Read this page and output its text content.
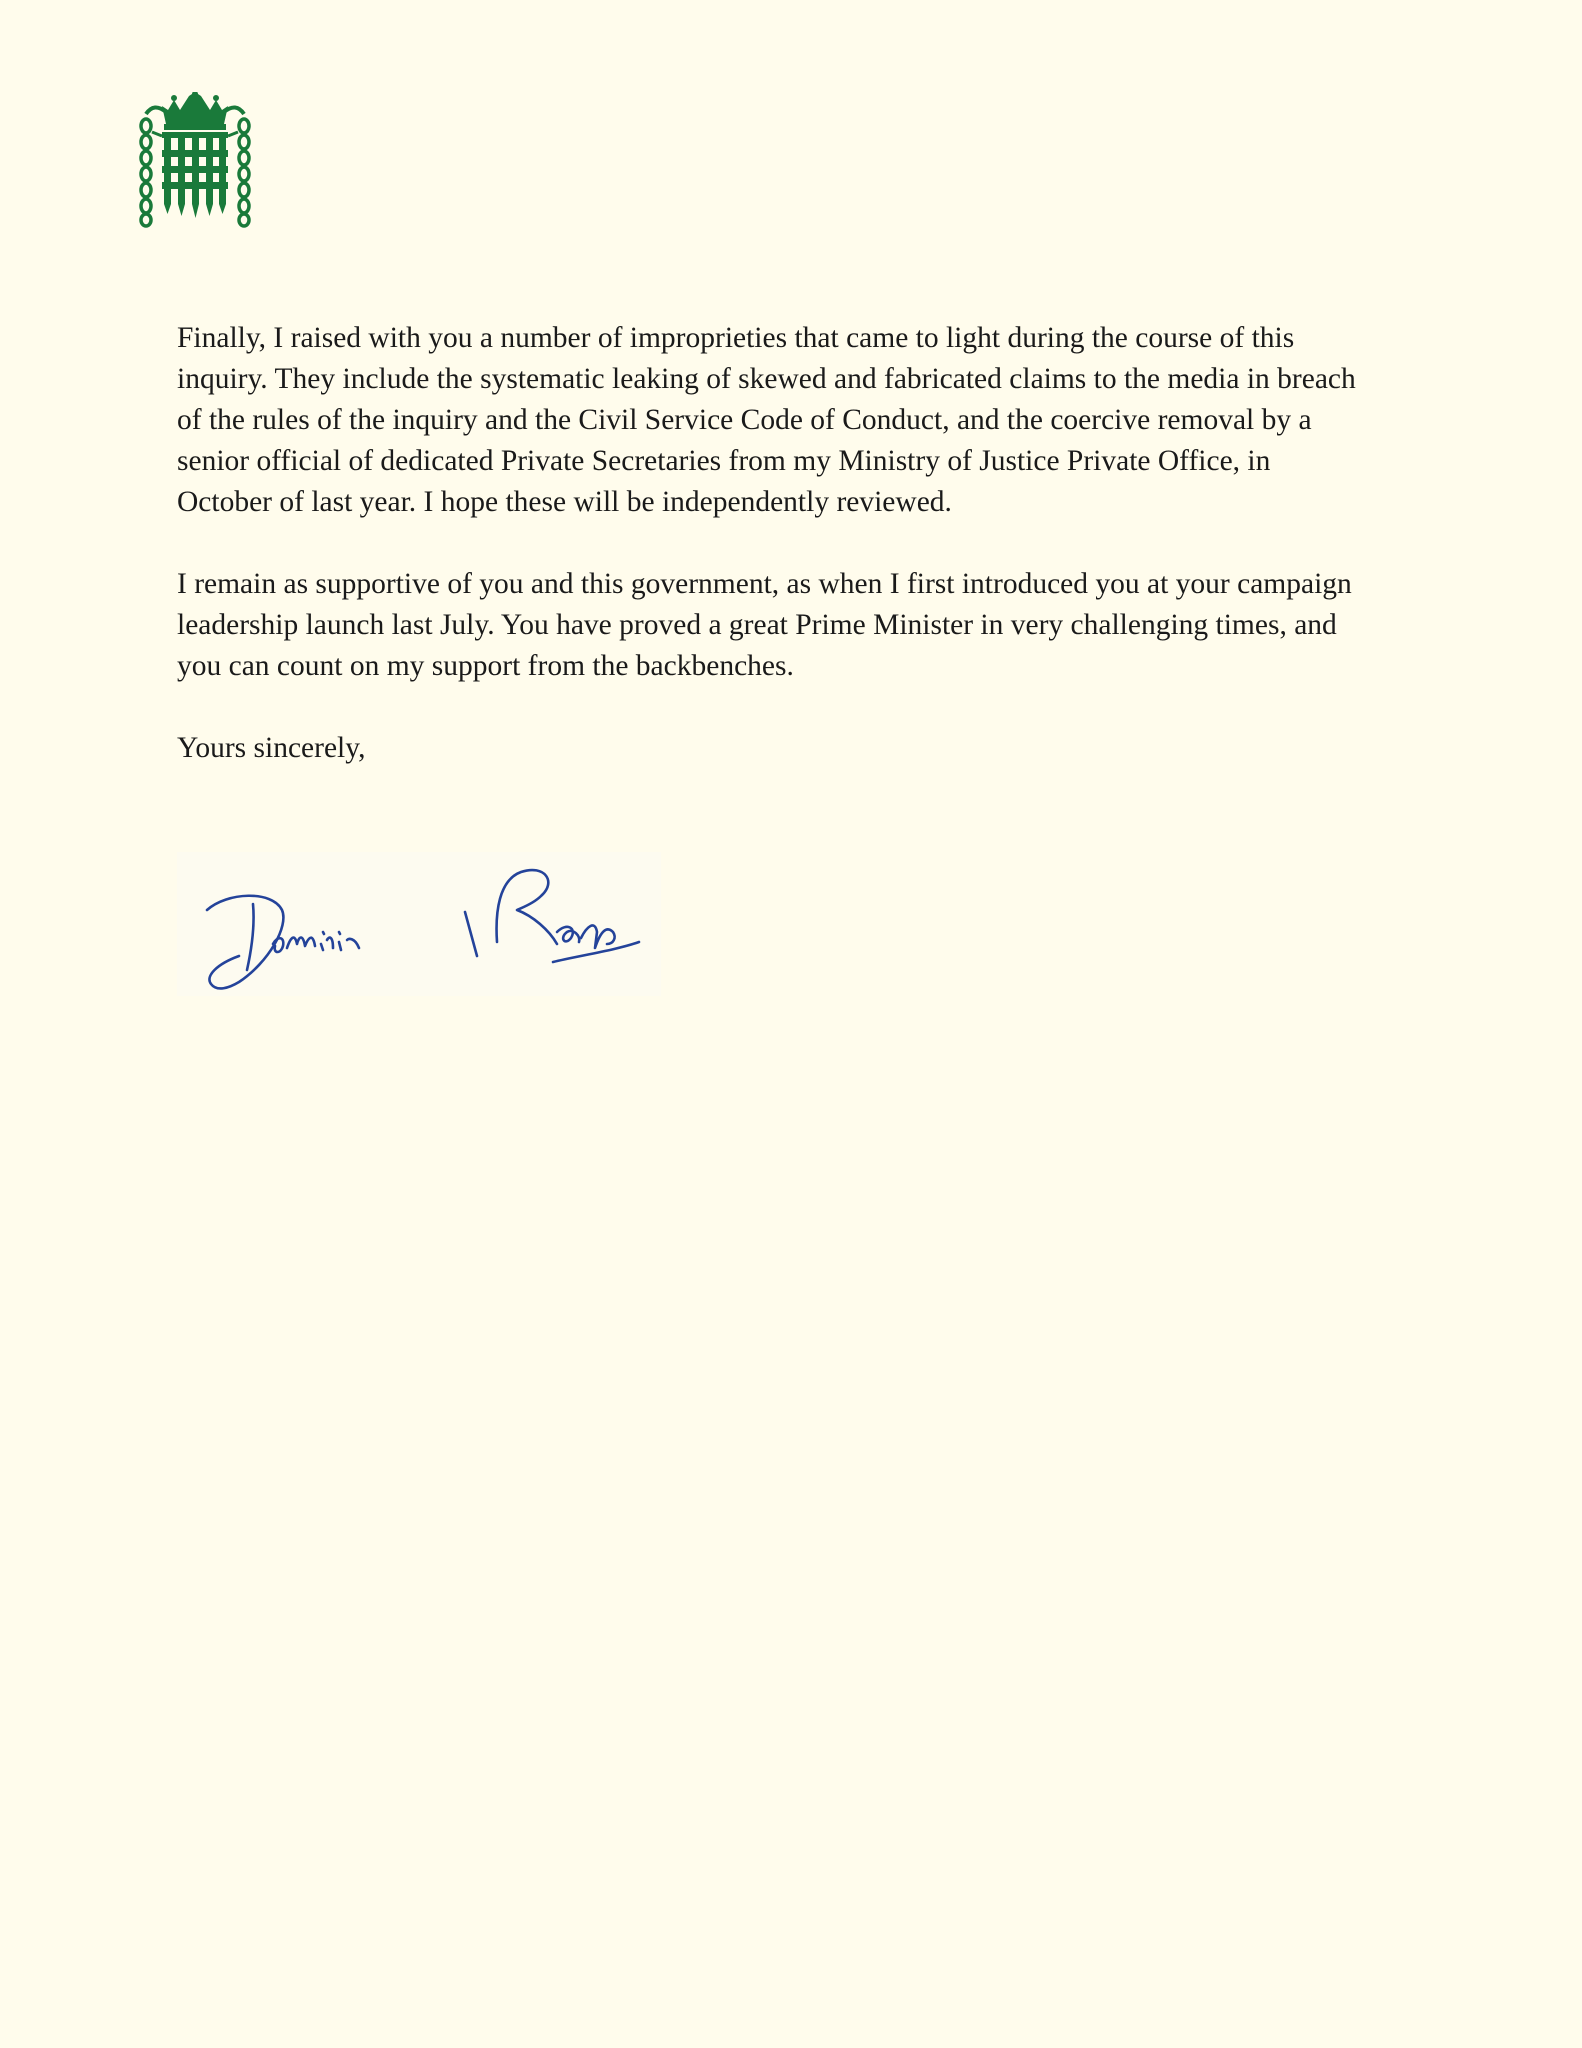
Finally, I raised with you a number of improprieties that came to light during the course of this
inquiry. They include the systematic leaking of skewed and fabricated claims to the media in breach
of the rules of the inquiry and the Civil Service Code of Conduct, and the coercive removal by a
senior official of dedicated Private Secretaries from my Ministry of Justice Private Office, in
October of last year. I hope these will be independently reviewed.

I remain as supportive of you and this government, as when I first introduced you at your campaign
leadership launch last July. You have proved a great Prime Minister in very challenging times, and
you can count on my support from the backbenches.

Yours sincerely,
